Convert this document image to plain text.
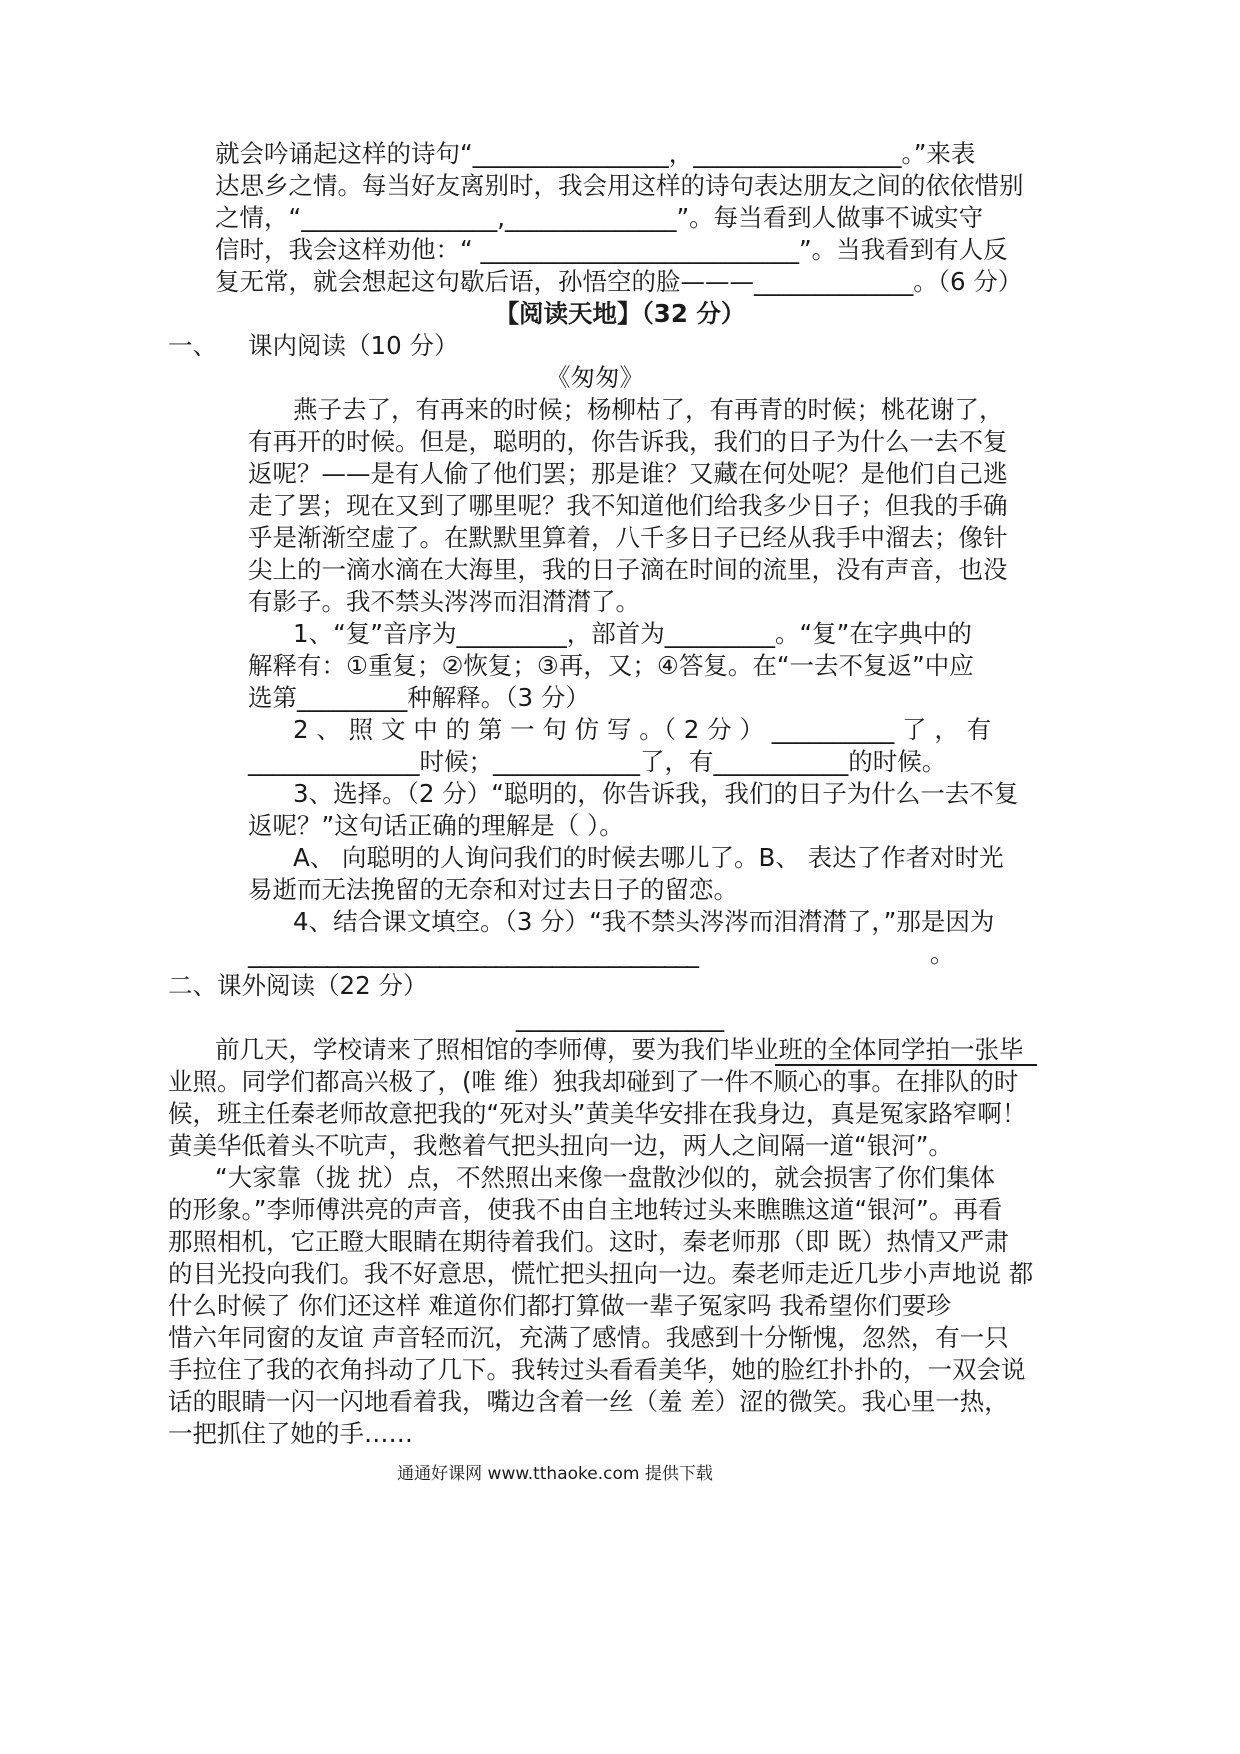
就会吟诵起这样的诗句“________________，_________________。”来表
达思乡之情。每当好友离别时，我会用这样的诗句表达朋友之间的依依惜别
之情，“________________,______________”。每当看到人做事不诚实守
信时，我会这样劝他：“ __________________________”。当我看到有人反
复无常，就会想起这句歇后语，孙悟空的脸———_____________。（6 分）
【阅读天地】（32 分）
一、 课内阅读（10 分）
《匆匆》
燕子去了，有再来的时候；杨柳枯了，有再青的时候；桃花谢了，
有再开的时候。但是，聪明的，你告诉我，我们的日子为什么一去不复
返呢？——是有人偷了他们罢；那是谁？又藏在何处呢？是他们自己逃
走了罢；现在又到了哪里呢？我不知道他们给我多少日子；但我的手确
乎是渐渐空虚了。在默默里算着，八千多日子已经从我手中溜去；像针
尖上的一滴水滴在大海里，我的日子滴在时间的流里，没有声音，也没
有影子。我不禁头涔涔而泪潸潸了。
1、“复”音序为_________，部首为_________。“复”在字典中的
解释有：①重复；②恢复；③再，又；④答复。在“一去不复返”中应
选第_________种解释。（3 分）
2 、 照 文 中 的 第 一 句 仿 写 。（ 2 分 ） __________ 了 ， 有
______________时候；____________了，有___________的时候。
3、选择。（2 分）“聪明的，你告诉我，我们的日子为什么一去不复
返呢？”这句话正确的理解是（ ）。
A、 向聪明的人询问我们的时候去哪儿了。B、 表达了作者对时光
易逝而无法挽留的无奈和对过去日子的留恋。
4、结合课文填空。（3 分）“我不禁头涔涔而泪潸潸了，”那是因为
________________________________________	。
二、课外阅读（22 分）
_________________
前几天，学校请来了照相馆的李师傅，要为我们毕业班的全体同学拍一张毕
业照。同学们都高兴极了，(唯 维）独我却碰到了一件不顺心的事。在排队的时
候，班主任秦老师故意把我的“死对头”黄美华安排在我身边，真是冤家路窄啊！
黄美华低着头不吭声，我憋着气把头扭向一边，两人之间隔一道“银河”。
“大家靠（拢 扰）点，不然照出来像一盘散沙似的，就会损害了你们集体
的形象。”李师傅洪亮的声音，使我不由自主地转过头来瞧瞧这道“银河”。再看
那照相机，它正瞪大眼睛在期待着我们。这时，秦老师那（即 既）热情又严肃
的目光投向我们。我不好意思，慌忙把头扭向一边。秦老师走近几步小声地说 都
什么时候了 你们还这样 难道你们都打算做一辈子冤家吗 我希望你们要珍
惜六年同窗的友谊 声音轻而沉，充满了感情。我感到十分惭愧，忽然，有一只
手拉住了我的衣角抖动了几下。我转过头看看美华，她的脸红扑扑的，一双会说
话的眼睛一闪一闪地看着我，嘴边含着一丝（羞 差）涩的微笑。我心里一热，
一把抓住了她的手……
通通好课网 www.tthaoke.com 提供下载
